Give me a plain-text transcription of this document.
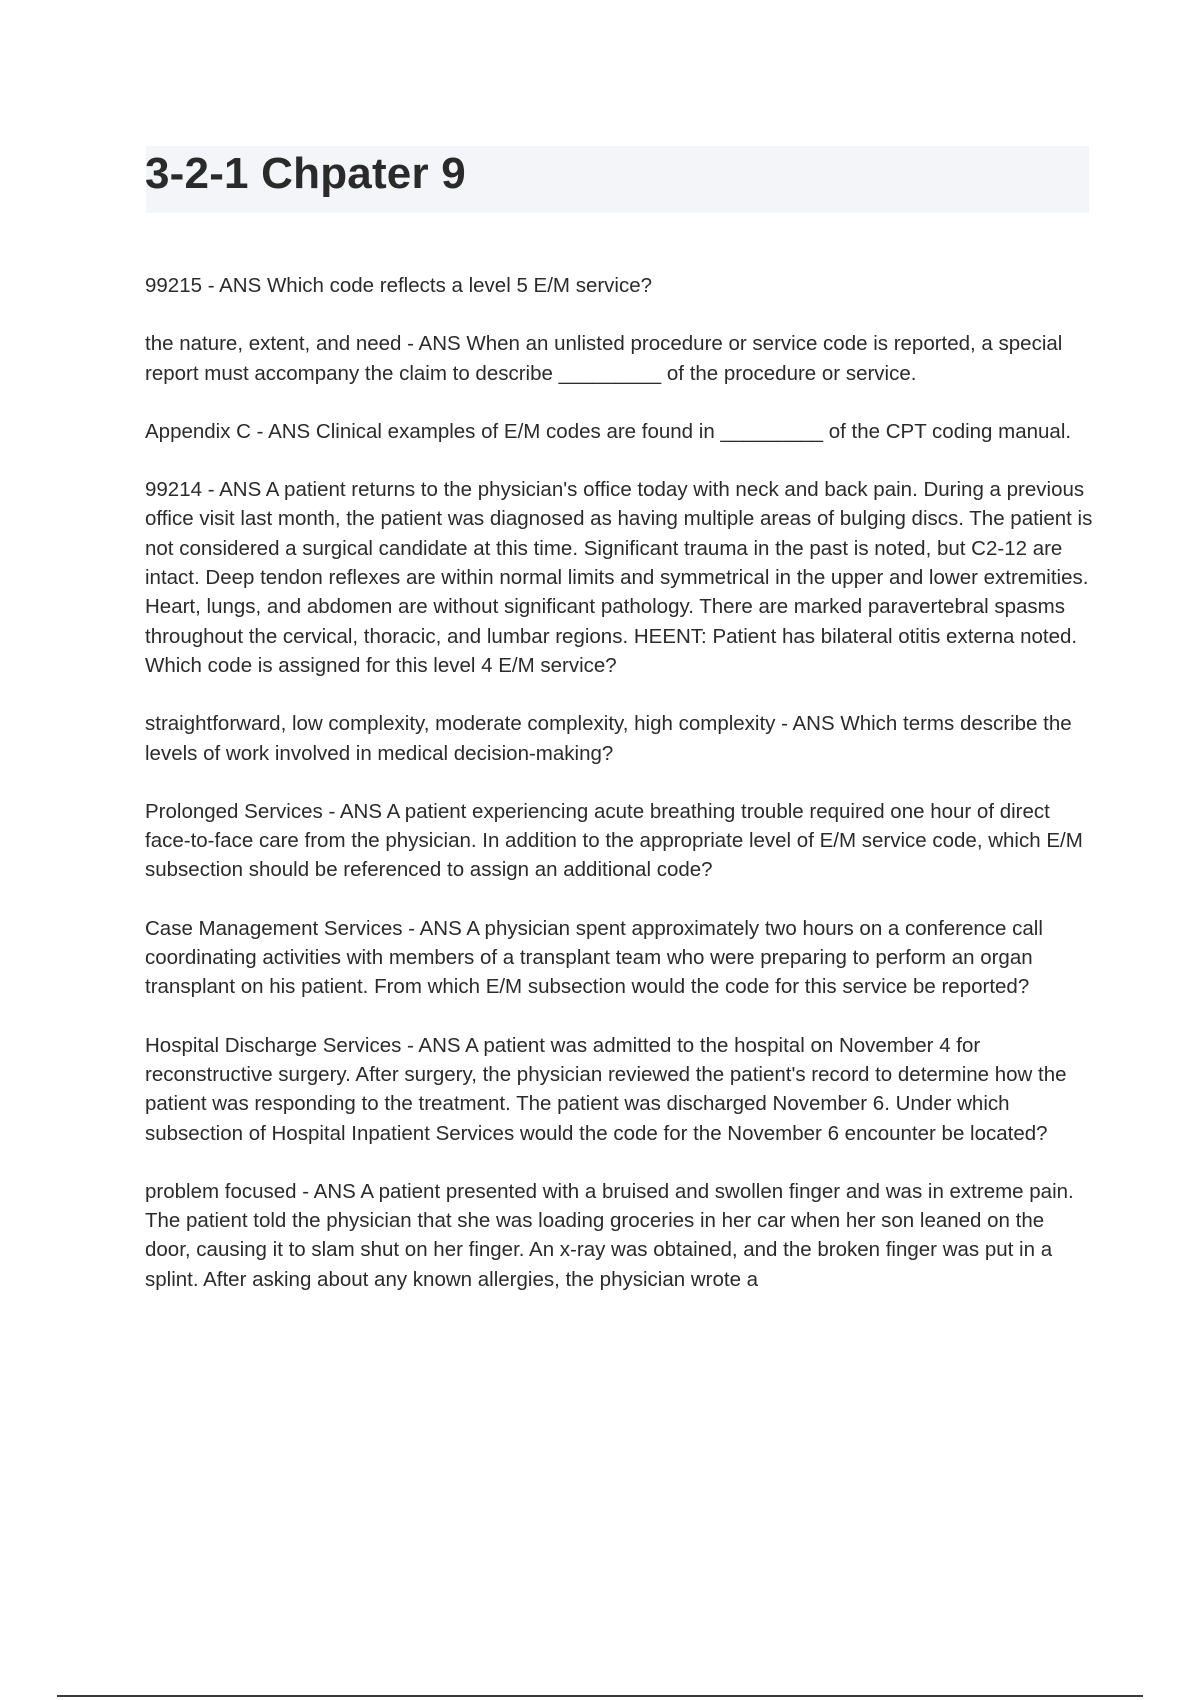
3-2-1 Chpater 9

99215 - ANS Which code reflects a level 5 E/M service?

the nature, extent, and need - ANS When an unlisted procedure or service code is reported, a special report must accompany the claim to describe _________ of the procedure or service.

Appendix C - ANS Clinical examples of E/M codes are found in _________ of the CPT coding manual.

99214 - ANS A patient returns to the physician's office today with neck and back pain. During a previous office visit last month, the patient was diagnosed as having multiple areas of bulging discs. The patient is not considered a surgical candidate at this time. Significant trauma in the past is noted, but C2-12 are intact. Deep tendon reflexes are within normal limits and symmetrical in the upper and lower extremities. Heart, lungs, and abdomen are without significant pathology. There are marked paravertebral spasms throughout the cervical, thoracic, and lumbar regions. HEENT: Patient has bilateral otitis externa noted. Which code is assigned for this level 4 E/M service?

straightforward, low complexity, moderate complexity, high complexity - ANS Which terms describe the levels of work involved in medical decision-making?

Prolonged Services - ANS A patient experiencing acute breathing trouble required one hour of direct face-to-face care from the physician. In addition to the appropriate level of E/M service code, which E/M subsection should be referenced to assign an additional code?

Case Management Services - ANS A physician spent approximately two hours on a conference call coordinating activities with members of a transplant team who were preparing to perform an organ transplant on his patient. From which E/M subsection would the code for this service be reported?

Hospital Discharge Services - ANS A patient was admitted to the hospital on November 4 for reconstructive surgery. After surgery, the physician reviewed the patient's record to determine how the patient was responding to the treatment. The patient was discharged November 6. Under which subsection of Hospital Inpatient Services would the code for the November 6 encounter be located?

problem focused - ANS A patient presented with a bruised and swollen finger and was in extreme pain. The patient told the physician that she was loading groceries in her car when her son leaned on the door, causing it to slam shut on her finger. An x-ray was obtained, and the broken finger was put in a splint. After asking about any known allergies, the physician wrote a
